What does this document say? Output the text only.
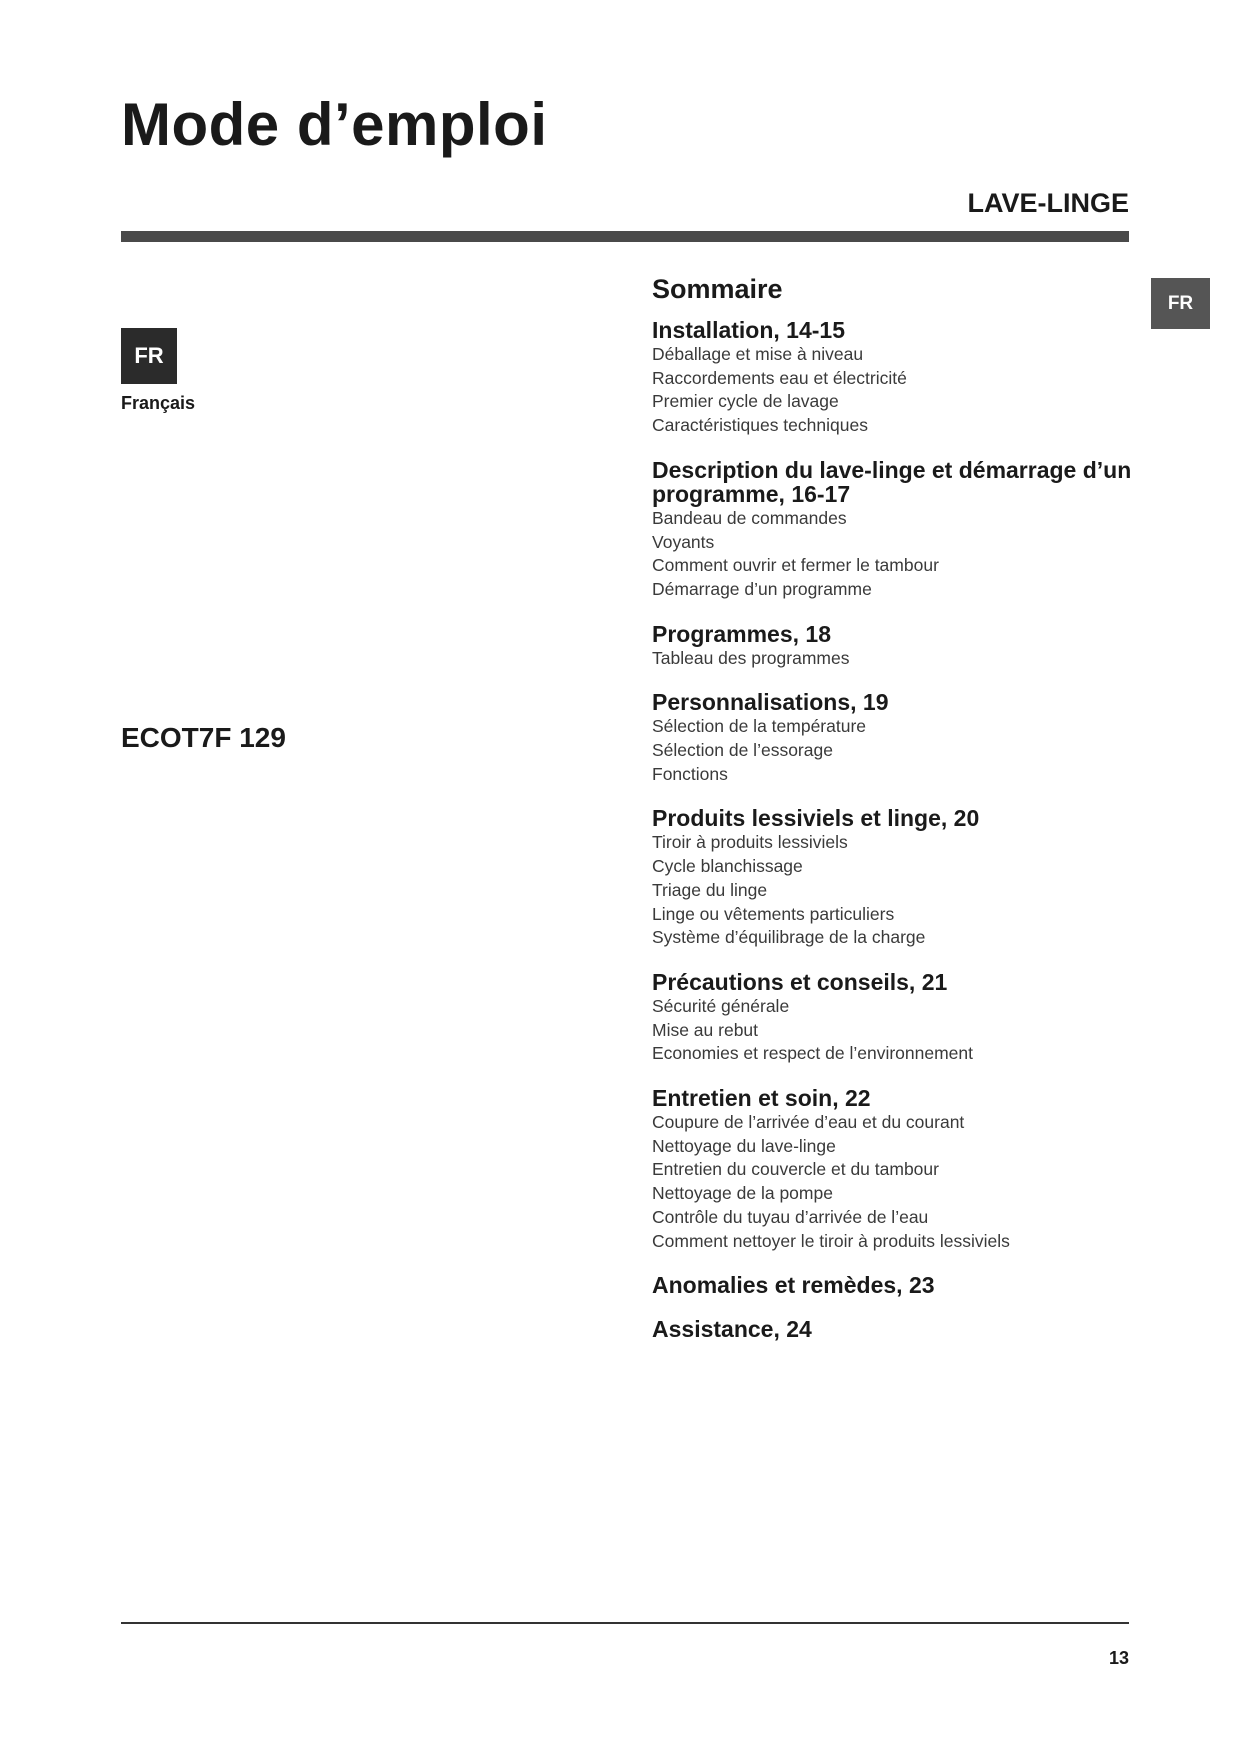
Mode d’emploi
LAVE-LINGE
FR
Français
FR
ECOT7F 129
Sommaire
Installation, 14-15
Déballage et mise à niveau
Raccordements eau et électricité
Premier cycle de lavage
Caractéristiques techniques
Description du lave-linge et démarrage d’un programme, 16-17
Bandeau de commandes
Voyants
Comment ouvrir et fermer le tambour
Démarrage d’un programme
Programmes, 18
Tableau des programmes
Personnalisations, 19
Sélection de la température
Sélection de l’essorage
Fonctions
Produits lessiviels et linge, 20
Tiroir à produits lessiviels
Cycle blanchissage
Triage du linge
Linge ou vêtements particuliers
Système d’équilibrage de la charge
Précautions et conseils, 21
Sécurité générale
Mise au rebut
Economies et respect de l’environnement
Entretien et soin, 22
Coupure de l’arrivée d’eau et du courant
Nettoyage du lave-linge
Entretien du couvercle et du tambour
Nettoyage de la pompe
Contrôle du tuyau d’arrivée de l’eau
Comment nettoyer le tiroir à produits lessiviels
Anomalies et remèdes, 23
Assistance, 24
13
